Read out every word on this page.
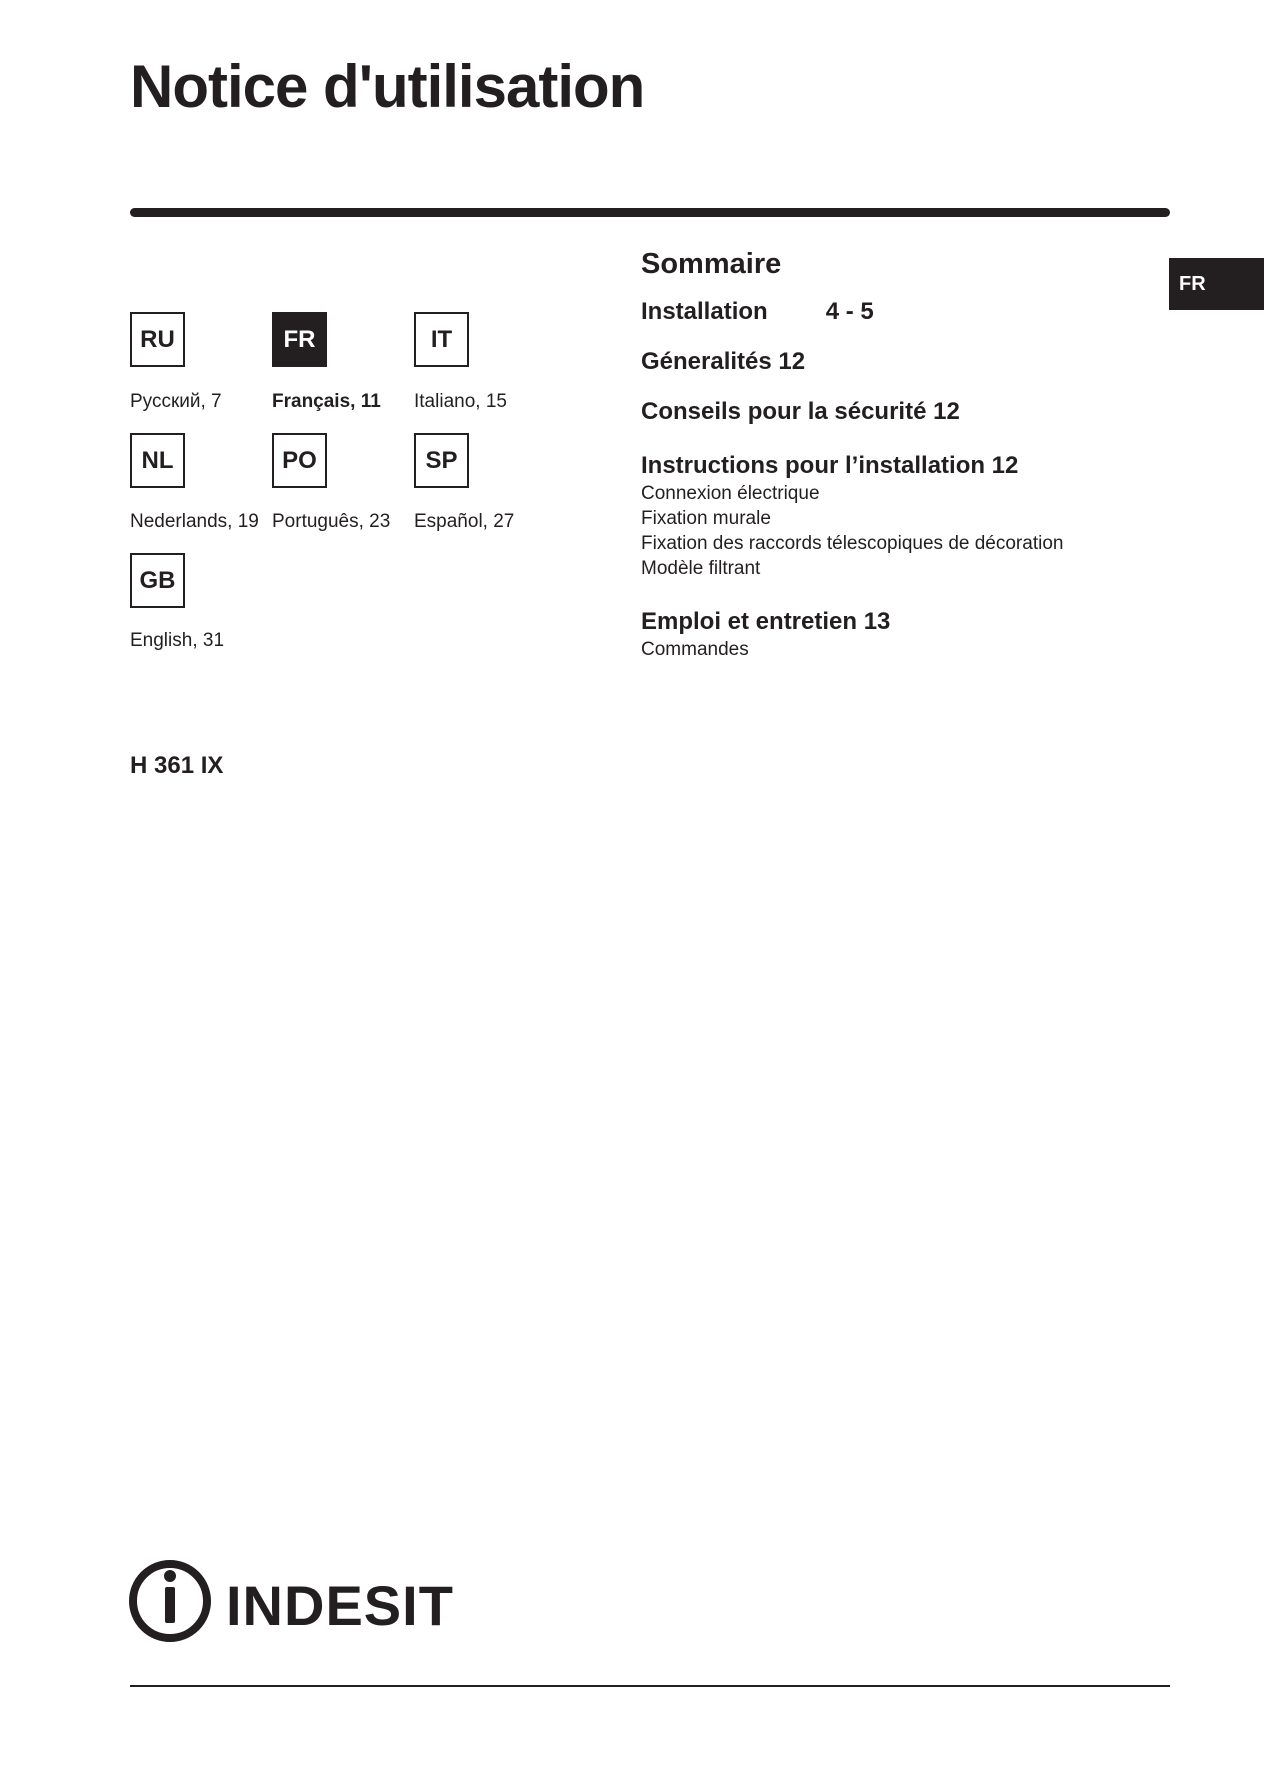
Notice d'utilisation
FR
RU
Русский, 7
FR
Français, 11
IT
Italiano, 15
NL
Nederlands, 19
PO
Português, 23
SP
Español, 27
GB
English, 31
H 361 IX
Sommaire
Installation 4 - 5
Géneralités 12
Conseils pour la sécurité 12
Instructions pour l’installation 12
Connexion électrique
Fixation murale
Fixation des raccords télescopiques de décoration
Modèle filtrant
Emploi et entretien 13
Commandes
INDESIT
